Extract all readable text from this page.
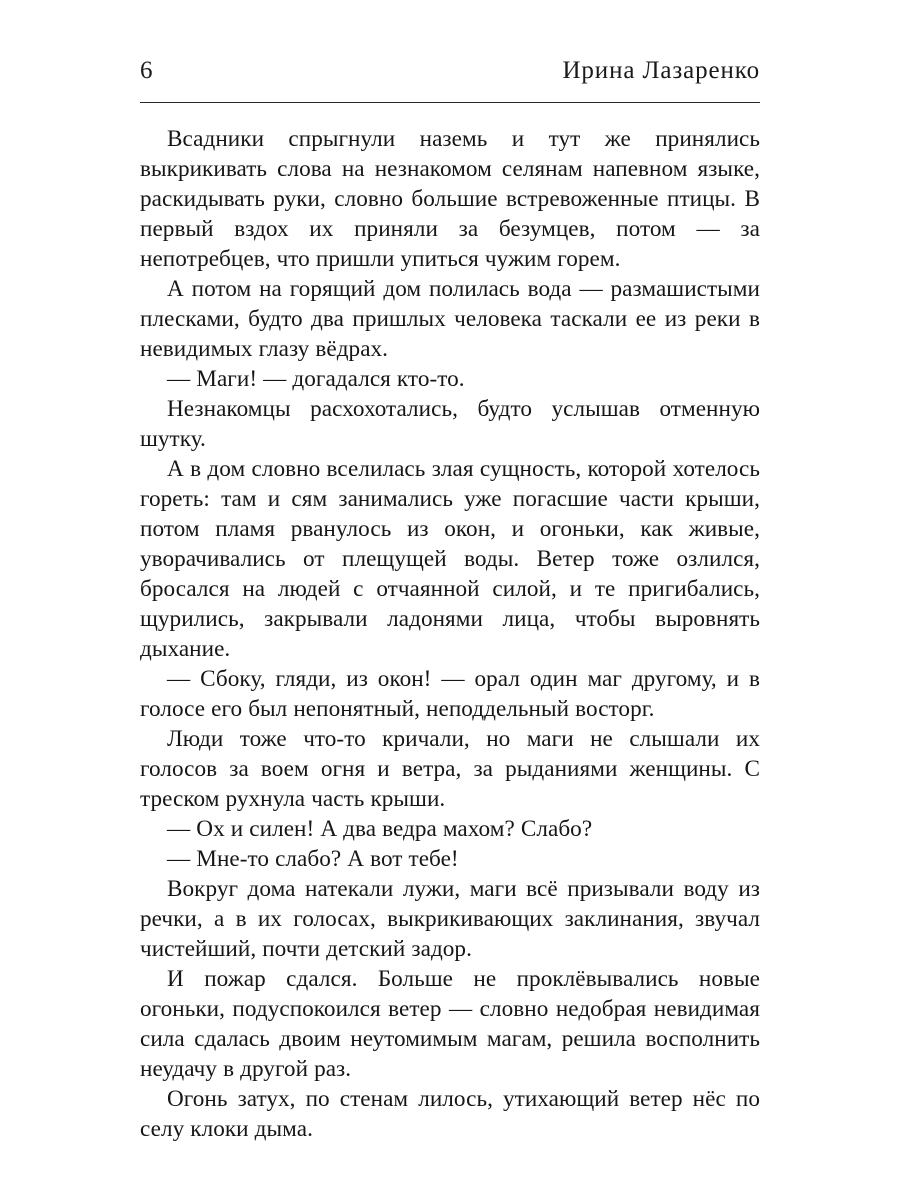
6	Ирина Лазаренко

Всадники спрыгнули наземь и тут же принялись выкрикивать слова на незнакомом селянам напевном языке, раскидывать руки, словно большие встревоженные птицы. В первый вздох их приняли за безумцев, потом — за непотребцев, что пришли упиться чужим горем.

А потом на горящий дом полилась вода — размашистыми плесками, будто два пришлых человека таскали ее из реки в невидимых глазу вёдрах.

— Маги! — догадался кто-то.

Незнакомцы расхохотались, будто услышав отменную шутку.

А в дом словно вселилась злая сущность, которой хотелось гореть: там и сям занимались уже погасшие части крыши, потом пламя рванулось из окон, и огоньки, как живые, уворачивались от плещущей воды. Ветер тоже озлился, бросался на людей с отчаянной силой, и те пригибались, щурились, закрывали ладонями лица, чтобы выровнять дыхание.

— Сбоку, гляди, из окон! — орал один маг другому, и в голосе его был непонятный, неподдельный восторг.

Люди тоже что-то кричали, но маги не слышали их голосов за воем огня и ветра, за рыданиями женщины. С треском рухнула часть крыши.

— Ох и силен! А два ведра махом? Слабо?

— Мне-то слабо? А вот тебе!

Вокруг дома натекали лужи, маги всё призывали воду из речки, а в их голосах, выкрикивающих заклинания, звучал чистейший, почти детский задор.

И пожар сдался. Больше не проклёвывались новые огоньки, подуспокоился ветер — словно недобрая невидимая сила сдалась двоим неутомимым магам, решила восполнить неудачу в другой раз.

Огонь затух, по стенам лилось, утихающий ветер нёс по селу клоки дыма.
